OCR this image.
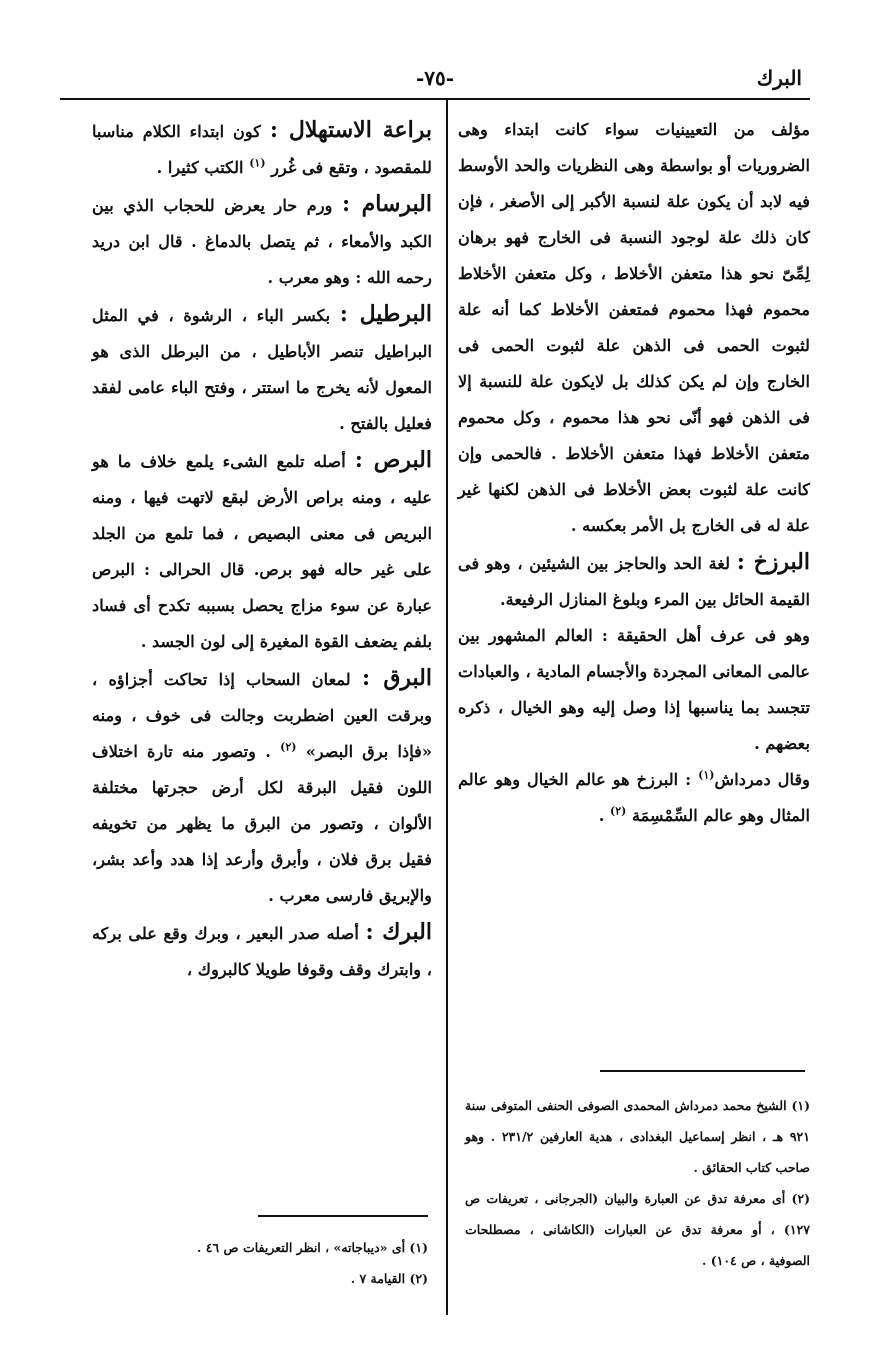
البرك
-٧٥-

مؤلف من التعيينيات سواء كانت ابتداء وهى الضروريات أو بواسطة وهى النظريات والحد الأوسط فيه لابد أن يكون علة لنسبة الأكبر إلى الأصغر ، فإن كان ذلك علة لوجود النسبة فى الخارج فهو برهان لِمِّىّ نحو هذا متعفن الأخلاط ، وكل متعفن الأخلاط محموم فهذا محموم فمتعفن الأخلاط كما أنه علة لثبوت الحمى فى الذهن علة لثبوت الحمى فى الخارج وإن لم يكن كذلك بل لايكون علة للنسبة إلا فى الذهن فهو أنّى نحو هذا محموم ، وكل محموم متعفن الأخلاط فهذا متعفن الأخلاط . فالحمى وإن كانت علة لثبوت بعض الأخلاط فى الذهن لكنها غير علة له فى الخارج بل الأمر بعكسه .

البرزخ : لغة الحد والحاجز بين الشيئين ، وهو فى القيمة الحائل بين المرء وبلوغ المنازل الرفيعة.

وهو فى عرف أهل الحقيقة : العالم المشهور بين عالمى المعانى المجردة والأجسام المادية ، والعبادات تتجسد بما يناسبها إذا وصل إليه وهو الخيال ، ذكره بعضهم .

وقال دمرداش$^{(١)}$ : البرزخ هو عالم الخيال وهو عالم المثال وهو عالم السِّمْسِمَة $^{(٢)}$ .

براعة الاستهلال : كون ابتداء الكلام مناسبا للمقصود ، وتقع فى غُرر $^{(١)}$ الكتب كثيرا .

البرسام : ورم حار يعرض للحجاب الذي بين الكبد والأمعاء ، ثم يتصل بالدماغ . قال ابن دريد رحمه الله : وهو معرب .

البرطيل : بكسر الباء ، الرشوة ، في المثل البراطيل تنصر الأباطيل ، من البرطل الذى هو المعول لأنه يخرج ما استتر ، وفتح الباء عامى لفقد فعليل بالفتح .

البرص : أصله تلمع الشىء يلمع خلاف ما هو عليه ، ومنه براص الأرض لبقع لاتهت فيها ، ومنه البريص فى معنى البصيص ، فما تلمع من الجلد على غير حاله فهو برص. قال الحرالى : البرص عبارة عن سوء مزاج يحصل بسببه تكدح أى فساد بلفم يضعف القوة المغيرة إلى لون الجسد .

البرق : لمعان السحاب إذا تحاكت أجزاؤه ، وبرقت العين اضطربت وجالت فى خوف ، ومنه «فإذا برق البصر» $^{(٢)}$ . وتصور منه تارة اختلاف اللون فقيل البرقة لكل أرض حجرتها مختلفة الألوان ، وتصور من البرق ما يظهر من تخويفه فقيل برق فلان ، وأبرق وأرعد إذا هدد وأعد بشر، والإبريق فارسى معرب .

البرك : أصله صدر البعير ، وبرك وقع على بركه ، وابترك وقف وقوفا طويلا كالبروك ،

(١) الشيخ محمد دمرداش المحمدى الصوفى الحنفى المتوفى سنة ٩٢١ هـ ، انظر إسماعيل البغدادى ، هدية العارفين ٢٣١/٢ . وهو صاحب كتاب الحقائق .

(٢) أى معرفة تدق عن العبارة والبيان (الجرجانى ، تعريفات ص ١٢٧) ، أو معرفة تدق عن العبارات (الكاشانى ، مصطلحات الصوفية ، ص ١٠٤) .

(١) أى «ديباجاته» ، انظر التعريفات ص ٤٦ .

(٢) القيامة ٧ .
